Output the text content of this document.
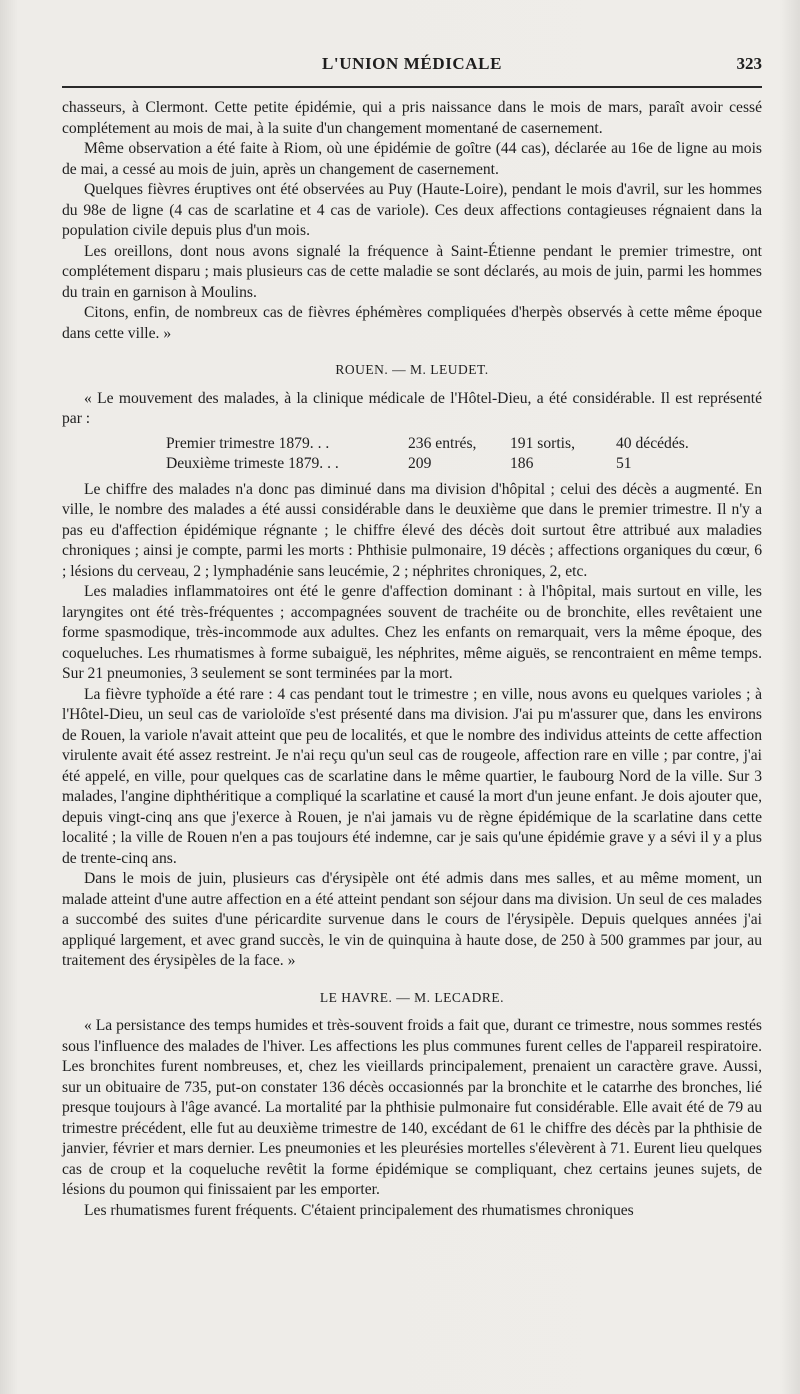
L'UNION MÉDICALE	323

chasseurs, à Clermont. Cette petite épidémie, qui a pris naissance dans le mois de mars, paraît avoir cessé complétement au mois de mai, à la suite d'un changement momentané de casernement.

Même observation a été faite à Riom, où une épidémie de goître (44 cas), déclarée au 16e de ligne au mois de mai, a cessé au mois de juin, après un changement de casernement.

Quelques fièvres éruptives ont été observées au Puy (Haute-Loire), pendant le mois d'avril, sur les hommes du 98e de ligne (4 cas de scarlatine et 4 cas de variole). Ces deux affections contagieuses régnaient dans la population civile depuis plus d'un mois.

Les oreillons, dont nous avons signalé la fréquence à Saint-Étienne pendant le premier trimestre, ont complétement disparu ; mais plusieurs cas de cette maladie se sont déclarés, au mois de juin, parmi les hommes du train en garnison à Moulins.

Citons, enfin, de nombreux cas de fièvres éphémères compliquées d'herpès observés à cette même époque dans cette ville. »

ROUEN. — M. LEUDET.

« Le mouvement des malades, à la clinique médicale de l'Hôtel-Dieu, a été considérable. Il est représenté par :

Premier trimestre 1879. . .	236 entrés,	191 sortis,	40 décédés.
Deuxième trimeste 1879. . .	209	186	51

Le chiffre des malades n'a donc pas diminué dans ma division d'hôpital ; celui des décès a augmenté. En ville, le nombre des malades a été aussi considérable dans le deuxième que dans le premier trimestre. Il n'y a pas eu d'affection épidémique régnante ; le chiffre élevé des décès doit surtout être attribué aux maladies chroniques ; ainsi je compte, parmi les morts : Phthisie pulmonaire, 19 décès ; affections organiques du cœur, 6 ; lésions du cerveau, 2 ; lymphadénie sans leucémie, 2 ; néphrites chroniques, 2, etc.

Les maladies inflammatoires ont été le genre d'affection dominant : à l'hôpital, mais surtout en ville, les laryngites ont été très-fréquentes ; accompagnées souvent de trachéite ou de bronchite, elles revêtaient une forme spasmodique, très-incommode aux adultes. Chez les enfants on remarquait, vers la même époque, des coqueluches. Les rhumatismes à forme subaiguë, les néphrites, même aiguës, se rencontraient en même temps. Sur 21 pneumonies, 3 seulement se sont terminées par la mort.

La fièvre typhoïde a été rare : 4 cas pendant tout le trimestre ; en ville, nous avons eu quelques varioles ; à l'Hôtel-Dieu, un seul cas de varioloïde s'est présenté dans ma division. J'ai pu m'assurer que, dans les environs de Rouen, la variole n'avait atteint que peu de localités, et que le nombre des individus atteints de cette affection virulente avait été assez restreint. Je n'ai reçu qu'un seul cas de rougeole, affection rare en ville ; par contre, j'ai été appelé, en ville, pour quelques cas de scarlatine dans le même quartier, le faubourg Nord de la ville. Sur 3 malades, l'angine diphthéritique a compliqué la scarlatine et causé la mort d'un jeune enfant. Je dois ajouter que, depuis vingt-cinq ans que j'exerce à Rouen, je n'ai jamais vu de règne épidémique de la scarlatine dans cette localité ; la ville de Rouen n'en a pas toujours été indemne, car je sais qu'une épidémie grave y a sévi il y a plus de trente-cinq ans.

Dans le mois de juin, plusieurs cas d'érysipèle ont été admis dans mes salles, et au même moment, un malade atteint d'une autre affection en a été atteint pendant son séjour dans ma division. Un seul de ces malades a succombé des suites d'une péricardite survenue dans le cours de l'érysipèle. Depuis quelques années j'ai appliqué largement, et avec grand succès, le vin de quinquina à haute dose, de 250 à 500 grammes par jour, au traitement des érysipèles de la face. »

LE HAVRE. — M. LECADRE.

« La persistance des temps humides et très-souvent froids a fait que, durant ce trimestre, nous sommes restés sous l'influence des malades de l'hiver. Les affections les plus communes furent celles de l'appareil respiratoire. Les bronchites furent nombreuses, et, chez les vieillards principalement, prenaient un caractère grave. Aussi, sur un obituaire de 735, put-on constater 136 décès occasionnés par la bronchite et le catarrhe des bronches, lié presque toujours à l'âge avancé. La mortalité par la phthisie pulmonaire fut considérable. Elle avait été de 79 au trimestre précédent, elle fut au deuxième trimestre de 140, excédant de 61 le chiffre des décès par la phthisie de janvier, février et mars dernier. Les pneumonies et les pleurésies mortelles s'élevèrent à 71. Eurent lieu quelques cas de croup et la coqueluche revêtit la forme épidémique se compliquant, chez certains jeunes sujets, de lésions du poumon qui finissaient par les emporter.

Les rhumatismes furent fréquents. C'étaient principalement des rhumatismes chroniques
